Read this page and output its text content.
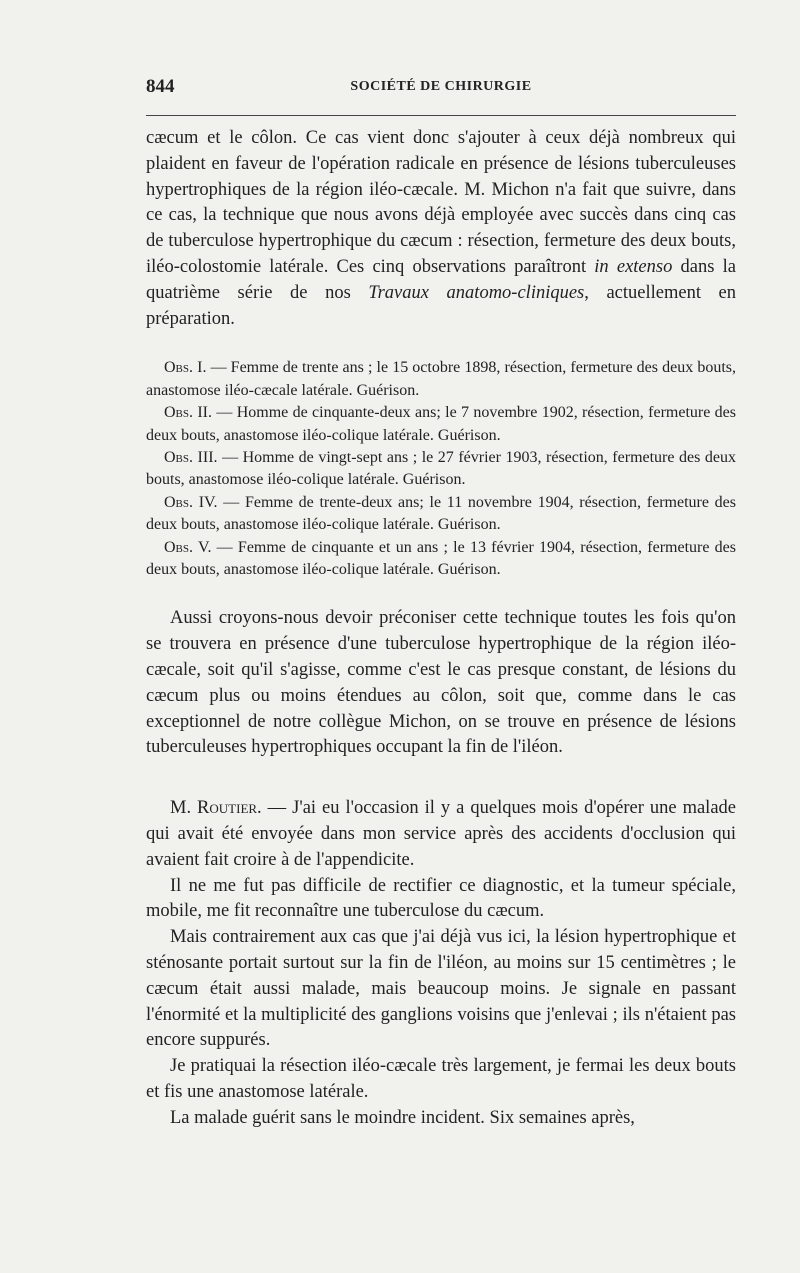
844	SOCIÉTÉ DE CHIRURGIE

cæcum et le côlon. Ce cas vient donc s'ajouter à ceux déjà nombreux qui plaident en faveur de l'opération radicale en présence de lésions tuberculeuses hypertrophiques de la région iléo-cæcale. M. Michon n'a fait que suivre, dans ce cas, la technique que nous avons déjà employée avec succès dans cinq cas de tuberculose hypertrophique du cæcum : résection, fermeture des deux bouts, iléo-colostomie latérale. Ces cinq observations paraîtront in extenso dans la quatrième série de nos Travaux anatomo-cliniques, actuellement en préparation.

Obs. I. — Femme de trente ans ; le 15 octobre 1898, résection, fermeture des deux bouts, anastomose iléo-cæcale latérale. Guérison.

Obs. II. — Homme de cinquante-deux ans; le 7 novembre 1902, résection, fermeture des deux bouts, anastomose iléo-colique latérale. Guérison.

Obs. III. — Homme de vingt-sept ans ; le 27 février 1903, résection, fermeture des deux bouts, anastomose iléo-colique latérale. Guérison.

Obs. IV. — Femme de trente-deux ans; le 11 novembre 1904, résection, fermeture des deux bouts, anastomose iléo-colique latérale. Guérison.

Obs. V. — Femme de cinquante et un ans ; le 13 février 1904, résection, fermeture des deux bouts, anastomose iléo-colique latérale. Guérison.

Aussi croyons-nous devoir préconiser cette technique toutes les fois qu'on se trouvera en présence d'une tuberculose hypertrophique de la région iléo-cæcale, soit qu'il s'agisse, comme c'est le cas presque constant, de lésions du cæcum plus ou moins étendues au côlon, soit que, comme dans le cas exceptionnel de notre collègue Michon, on se trouve en présence de lésions tuberculeuses hypertrophiques occupant la fin de l'iléon.

M. Routier. — J'ai eu l'occasion il y a quelques mois d'opérer une malade qui avait été envoyée dans mon service après des accidents d'occlusion qui avaient fait croire à de l'appendicite.

Il ne me fut pas difficile de rectifier ce diagnostic, et la tumeur spéciale, mobile, me fit reconnaître une tuberculose du cæcum.

Mais contrairement aux cas que j'ai déjà vus ici, la lésion hypertrophique et sténosante portait surtout sur la fin de l'iléon, au moins sur 15 centimètres ; le cæcum était aussi malade, mais beaucoup moins. Je signale en passant l'énormité et la multiplicité des ganglions voisins que j'enlevai ; ils n'étaient pas encore suppurés.

Je pratiquai la résection iléo-cæcale très largement, je fermai les deux bouts et fis une anastomose latérale.

La malade guérit sans le moindre incident. Six semaines après,
